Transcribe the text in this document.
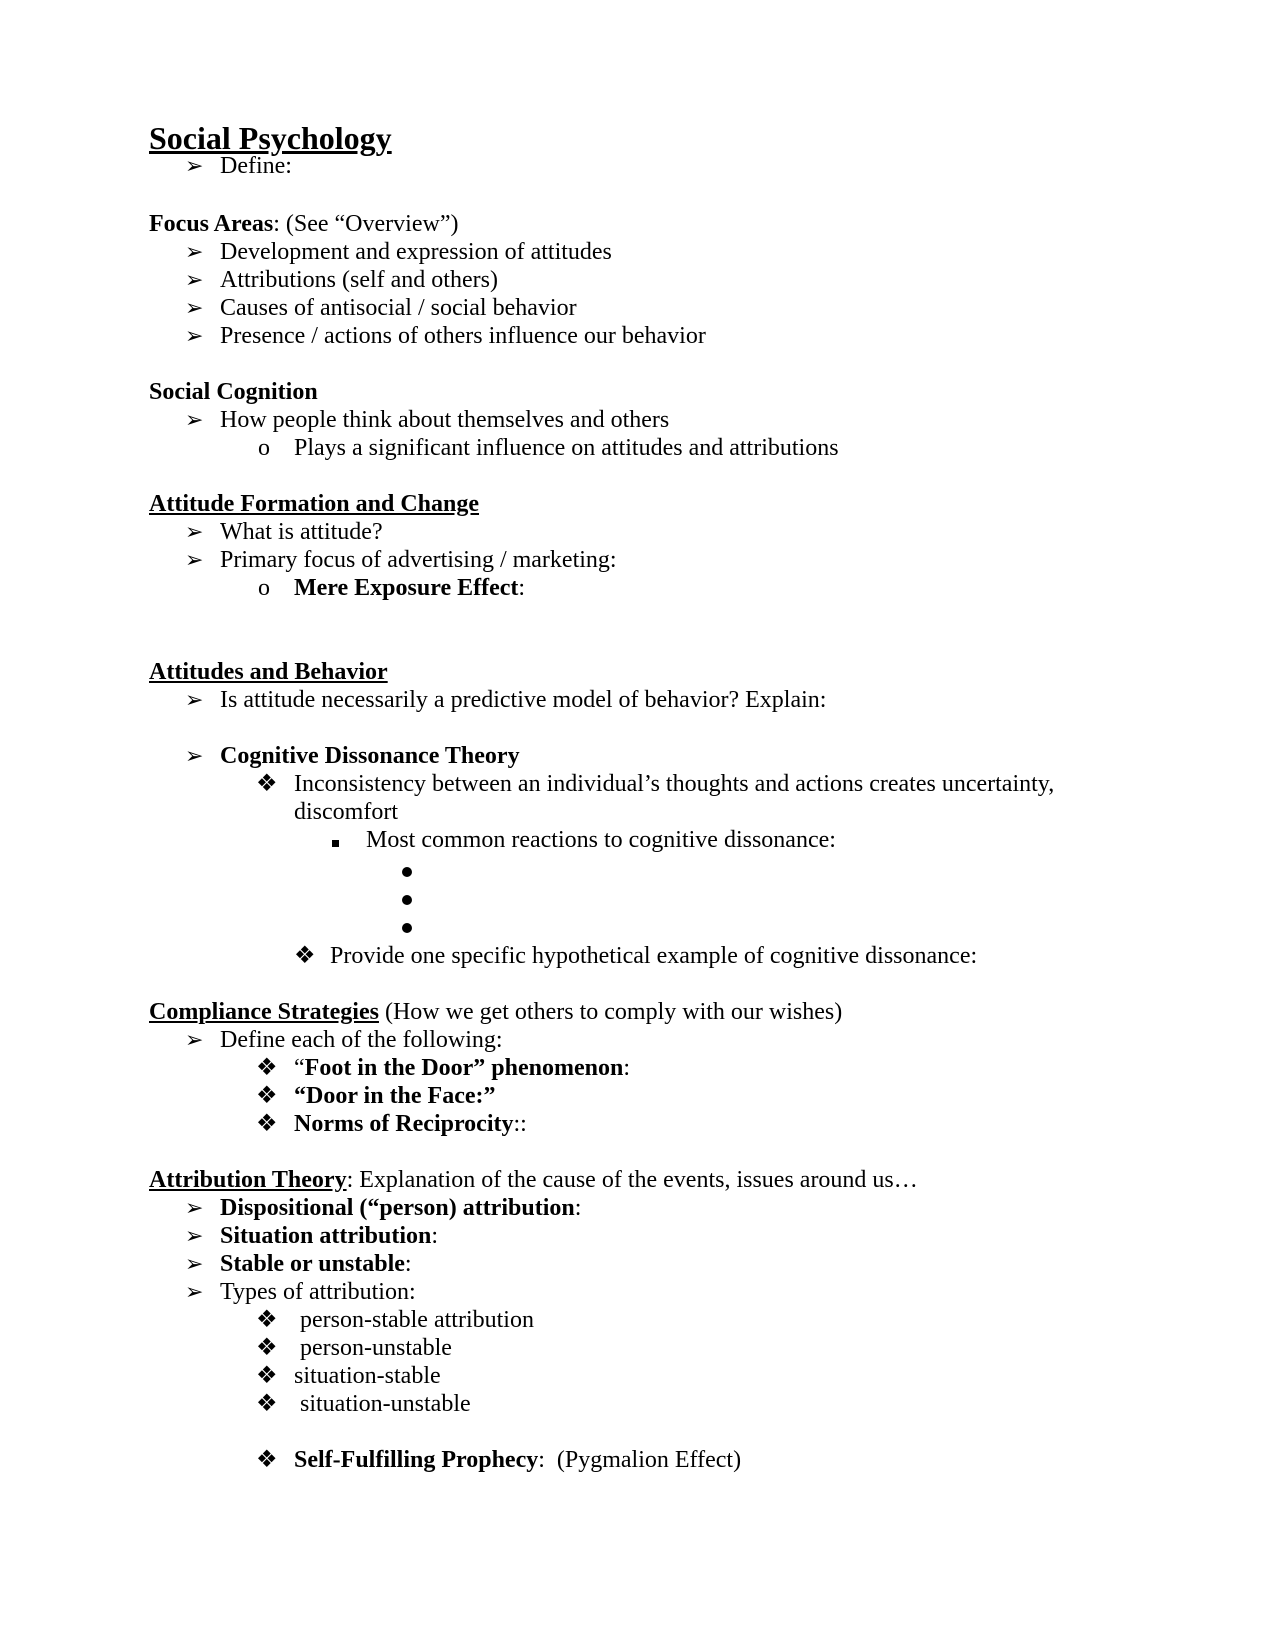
Social Psychology
➢ Define:
Focus Areas: (See “Overview”)
➢ Development and expression of attitudes
➢ Attributions (self and others)
➢ Causes of antisocial / social behavior
➢ Presence / actions of others influence our behavior
Social Cognition
➢ How people think about themselves and others
o Plays a significant influence on attitudes and attributions
Attitude Formation and Change
➢ What is attitude?
➢ Primary focus of advertising / marketing:
o Mere Exposure Effect:
Attitudes and Behavior
➢ Is attitude necessarily a predictive model of behavior? Explain:
➢ Cognitive Dissonance Theory
❖ Inconsistency between an individual’s thoughts and actions creates uncertainty,
discomfort
Most common reactions to cognitive dissonance:
❖ Provide one specific hypothetical example of cognitive dissonance:
Compliance Strategies (How we get others to comply with our wishes)
➢ Define each of the following:
❖ “Foot in the Door” phenomenon:
❖ “Door in the Face:”
❖ Norms of Reciprocity::
Attribution Theory: Explanation of the cause of the events, issues around us…
➢ Dispositional (“person) attribution:
➢ Situation attribution:
➢ Stable or unstable:
➢ Types of attribution:
❖ person-stable attribution
❖ person-unstable
❖ situation-stable
❖ situation-unstable
❖ Self-Fulfilling Prophecy:  (Pygmalion Effect)
